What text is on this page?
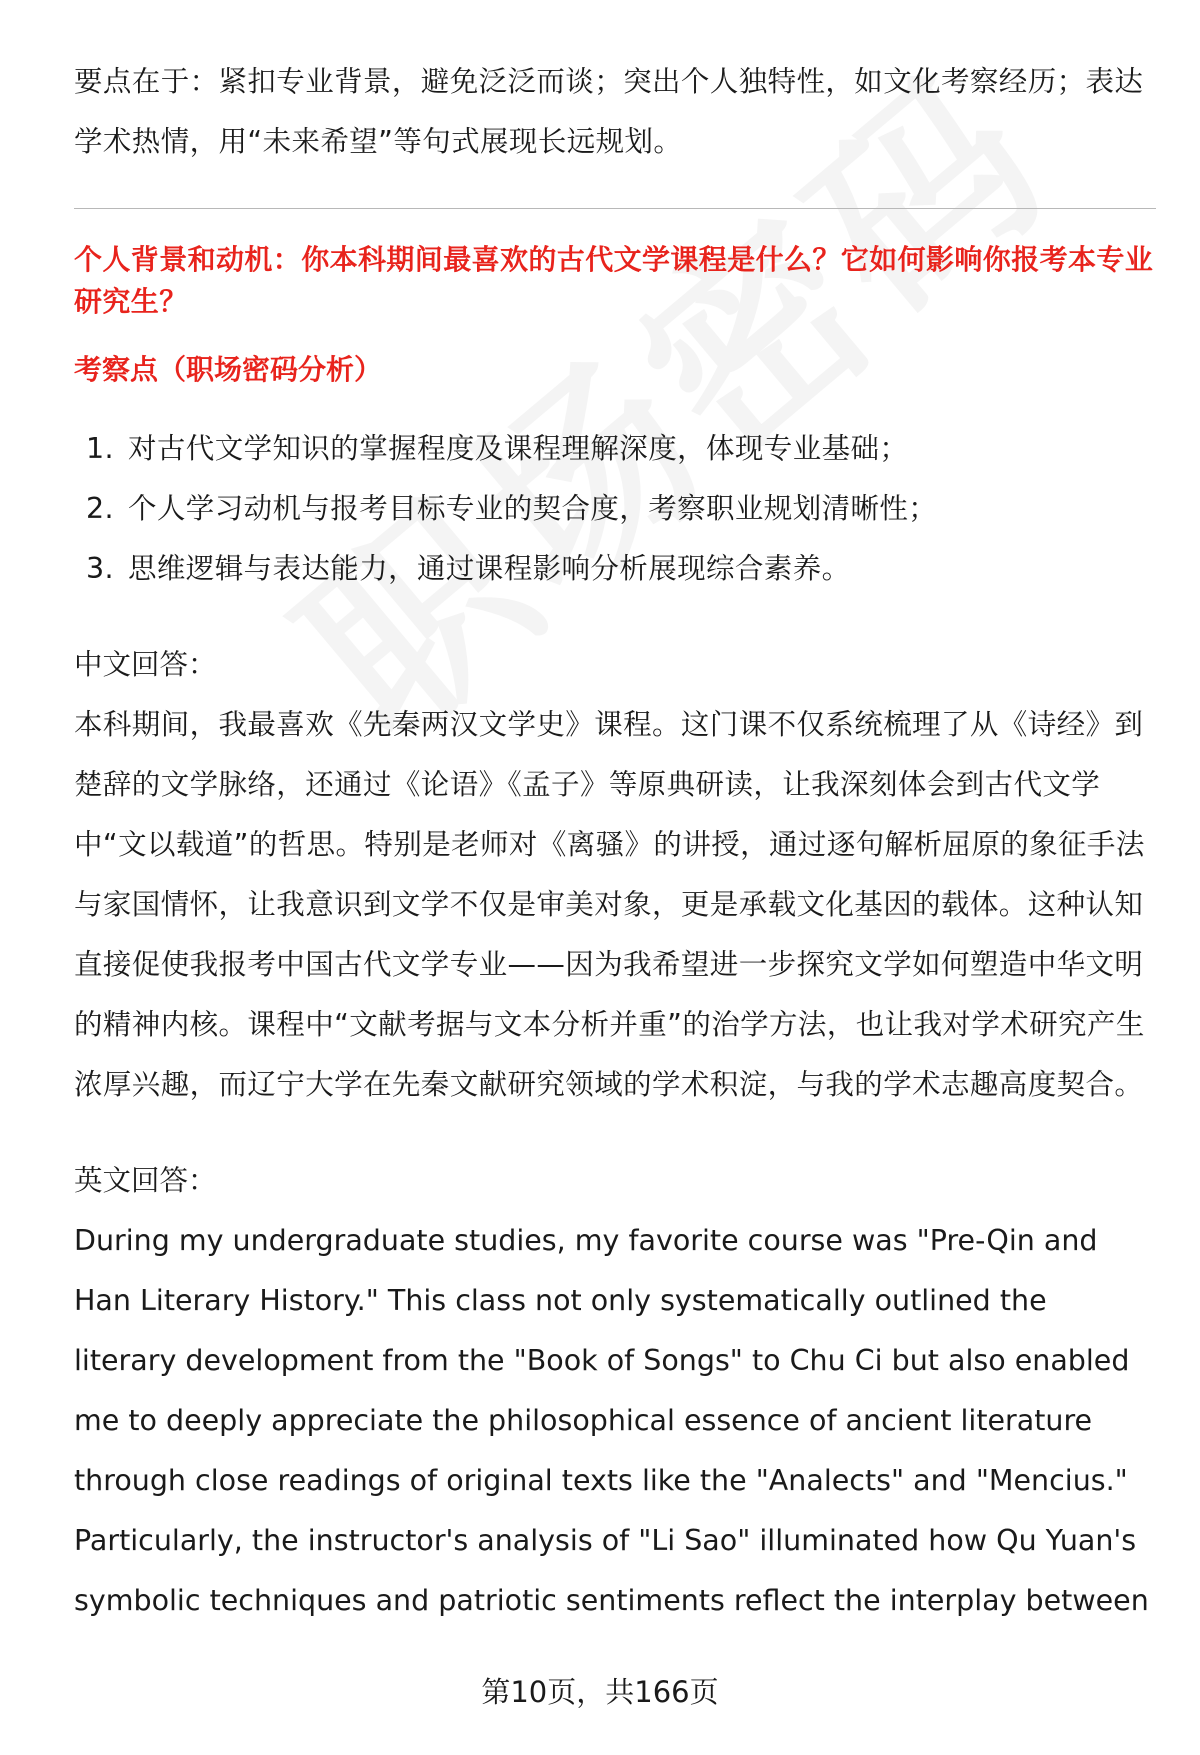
要点在于：紧扣专业背景，避免泛泛而谈；突出个人独特性，如文化考察经历；表达学术热情，用“未来希望”等句式展现长远规划。

个人背景和动机：你本科期间最喜欢的古代文学课程是什么？它如何影响你报考本专业研究生？

考察点（职场密码分析）

1. 对古代文学知识的掌握程度及课程理解深度，体现专业基础；
2. 个人学习动机与报考目标专业的契合度，考察职业规划清晰性；
3. 思维逻辑与表达能力，通过课程影响分析展现综合素养。

中文回答：

本科期间，我最喜欢《先秦两汉文学史》课程。这门课不仅系统梳理了从《诗经》到楚辞的文学脉络，还通过《论语》《孟子》等原典研读，让我深刻体会到古代文学中“文以载道”的哲思。特别是老师对《离骚》的讲授，通过逐句解析屈原的象征手法与家国情怀，让我意识到文学不仅是审美对象，更是承载文化基因的载体。这种认知直接促使我报考中国古代文学专业——因为我希望进一步探究文学如何塑造中华文明的精神内核。课程中“文献考据与文本分析并重”的治学方法，也让我对学术研究产生浓厚兴趣，而辽宁大学在先秦文献研究领域的学术积淀，与我的学术志趣高度契合。

英文回答：

During my undergraduate studies, my favorite course was "Pre-Qin and Han Literary History." This class not only systematically outlined the literary development from the "Book of Songs" to Chu Ci but also enabled me to deeply appreciate the philosophical essence of ancient literature through close readings of original texts like the "Analects" and "Mencius." Particularly, the instructor's analysis of "Li Sao" illuminated how Qu Yuan's symbolic techniques and patriotic sentiments reflect the interplay between

第10页，共166页
